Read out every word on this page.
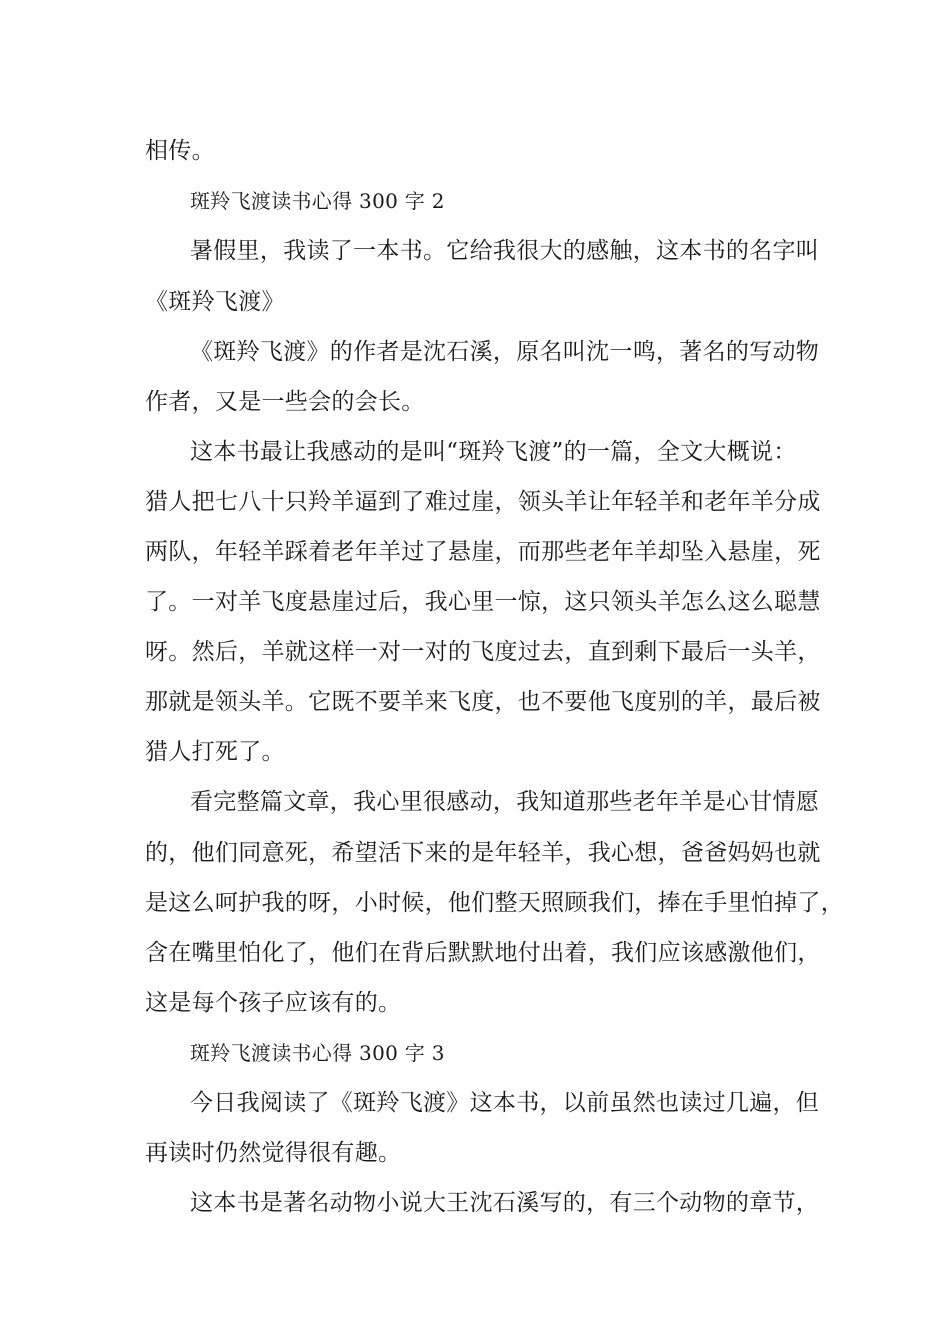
相传。
斑羚飞渡读书心得 300 字 2
暑假里，我读了一本书。它给我很大的感触，这本书的名字叫
《斑羚飞渡》
《斑羚飞渡》的作者是沈石溪，原名叫沈一鸣，著名的写动物
作者，又是一些会的会长。
这本书最让我感动的是叫“斑羚飞渡”的一篇，全文大概说：
猎人把七八十只羚羊逼到了难过崖，领头羊让年轻羊和老年羊分成
两队，年轻羊踩着老年羊过了悬崖，而那些老年羊却坠入悬崖，死
了。一对羊飞度悬崖过后，我心里一惊，这只领头羊怎么这么聪慧
呀。然后，羊就这样一对一对的飞度过去，直到剩下最后一头羊，
那就是领头羊。它既不要羊来飞度，也不要他飞度别的羊，最后被
猎人打死了。
看完整篇文章，我心里很感动，我知道那些老年羊是心甘情愿
的，他们同意死，希望活下来的是年轻羊，我心想，爸爸妈妈也就
是这么呵护我的呀，小时候，他们整天照顾我们，捧在手里怕掉了，
含在嘴里怕化了，他们在背后默默地付出着，我们应该感激他们，
这是每个孩子应该有的。
斑羚飞渡读书心得 300 字 3
今日我阅读了《斑羚飞渡》这本书，以前虽然也读过几遍，但
再读时仍然觉得很有趣。
这本书是著名动物小说大王沈石溪写的，有三个动物的章节，
